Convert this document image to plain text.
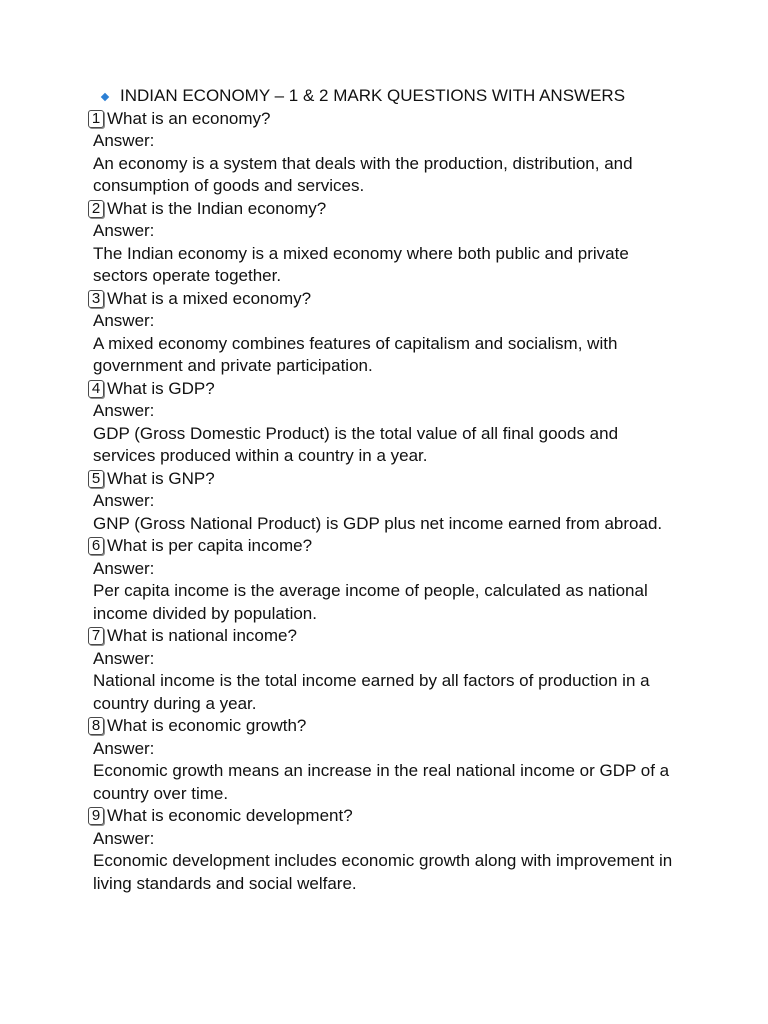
INDIAN ECONOMY – 1 & 2 MARK QUESTIONS WITH ANSWERS
1 What is an economy?
Answer:
An economy is a system that deals with the production, distribution, and consumption of goods and services.
2 What is the Indian economy?
Answer:
The Indian economy is a mixed economy where both public and private sectors operate together.
3 What is a mixed economy?
Answer:
A mixed economy combines features of capitalism and socialism, with government and private participation.
4 What is GDP?
Answer:
GDP (Gross Domestic Product) is the total value of all final goods and services produced within a country in a year.
5 What is GNP?
Answer:
GNP (Gross National Product) is GDP plus net income earned from abroad.
6 What is per capita income?
Answer:
Per capita income is the average income of people, calculated as national income divided by population.
7 What is national income?
Answer:
National income is the total income earned by all factors of production in a country during a year.
8 What is economic growth?
Answer:
Economic growth means an increase in the real national income or GDP of a country over time.
9 What is economic development?
Answer:
Economic development includes economic growth along with improvement in living standards and social welfare.
